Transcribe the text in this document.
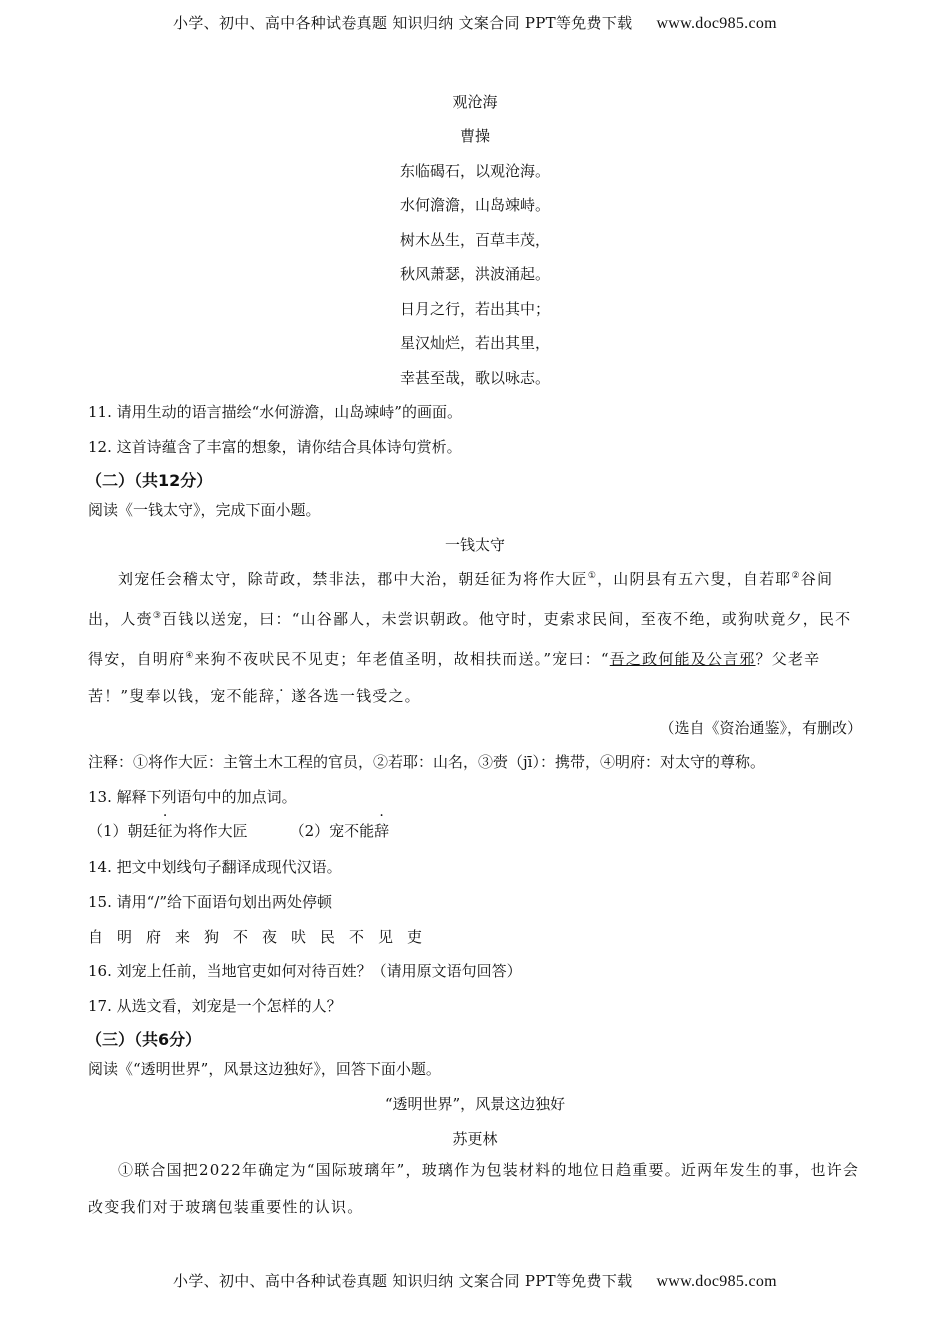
小学、初中、高中各种试卷真题 知识归纳 文案合同 PPT等免费下载 www.doc985.com
观沧海
曹操
东临碣石，以观沧海。
水何澹澹，山岛竦峙。
树木丛生，百草丰茂，
秋风萧瑟，洪波涌起。
日月之行，若出其中；
星汉灿烂，若出其里，
幸甚至哉，歌以咏志。
11. 请用生动的语言描绘“水何游澹，山岛竦峙”的画面。
12. 这首诗蕴含了丰富的想象，请你结合具体诗句赏析。
（二）（共12分）
阅读《一钱太守》，完成下面小题。
一钱太守
刘宠任会稽太守，除苛政，禁非法，郡中大治，朝廷征为将作大匠①，山阴县有五六叟，自若耶②谷间出，人赍③百钱以送宠，曰：“山谷鄙人，未尝识朝政。他守时，吏索求民间，至夜不绝，或狗吠竟夕，民不得安，自明府④来狗不夜吠民不见吏；年老值圣明，故相扶而送。”宠曰：“吾之政何能及公言邪？父老辛苦！”叟奉以钱，宠不能辞，遂各选一钱受之。
（选自《资治通鉴》，有删改）
注释：①将作大匠：主管土木工程的官员，②若耶：山名，③赍（jī）：携带，④明府：对太守的尊称。
13. 解释下列语句中的加点词。
（1）朝廷征为将作大匠	（2）宠不能辞
14. 把文中划线句子翻译成现代汉语。
15. 请用“/”给下面语句划出两处停顿
自明府来狗不夜吠民不见吏
16. 刘宠上任前，当地官吏如何对待百姓？（请用原文语句回答）
17. 从选文看，刘宠是一个怎样的人？
（三）（共6分）
阅读《“透明世界”，风景这边独好》，回答下面小题。
“透明世界”，风景这边独好
苏更林
①联合国把2022年确定为“国际玻璃年”，玻璃作为包装材料的地位日趋重要。近两年发生的事，也许会改变我们对于玻璃包装重要性的认识。
小学、初中、高中各种试卷真题 知识归纳 文案合同 PPT等免费下载 www.doc985.com
